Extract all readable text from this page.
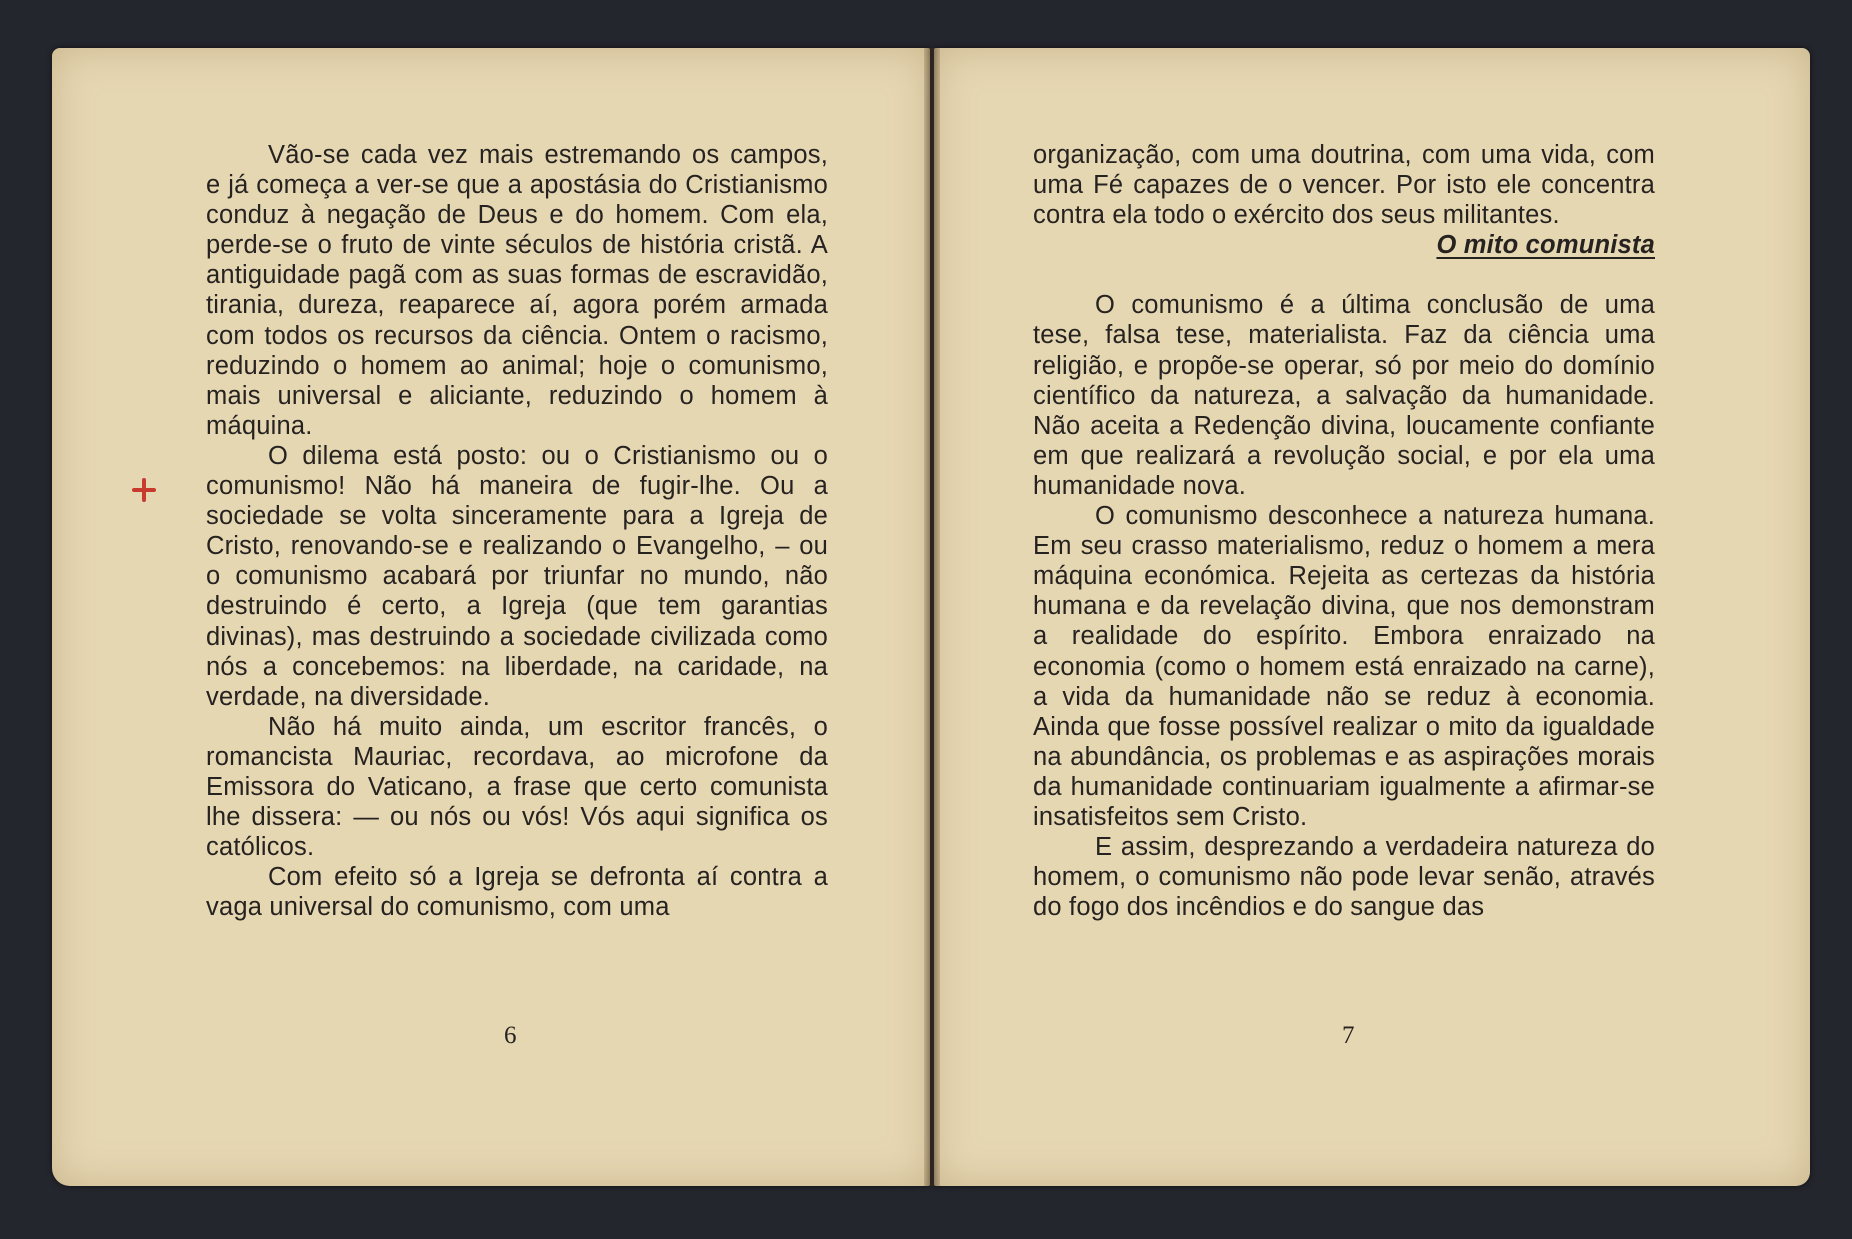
Vão-se cada vez mais estremando os campos, e já começa a ver-se que a apostásia do Cristianismo conduz à negação de Deus e do homem. Com ela, perde-se o fruto de vinte séculos de história cristã. A antiguidade pagã com as suas formas de escravidão, tirania, dureza, reaparece aí, agora porém armada com todos os recursos da ciência. Ontem o racismo, reduzindo o homem ao animal; hoje o comunismo, mais universal e aliciante, reduzindo o homem à máquina.

O dilema está posto: ou o Cristianismo ou o comunismo! Não há maneira de fugir-lhe. Ou a sociedade se volta sinceramente para a Igreja de Cristo, renovando-se e realizando o Evangelho, – ou o comunismo acabará por triunfar no mundo, não destruindo é certo, a Igreja (que tem garantias divinas), mas destruindo a sociedade civilizada como nós a concebemos: na liberdade, na caridade, na verdade, na diversidade.

Não há muito ainda, um escritor francês, o romancista Mauriac, recordava, ao microfone da Emissora do Vaticano, a frase que certo comunista lhe dissera: — ou nós ou vós! Vós aqui significa os católicos.

Com efeito só a Igreja se defronta aí contra a vaga universal do comunismo, com uma

6

organização, com uma doutrina, com uma vida, com uma Fé capazes de o vencer. Por isto ele concentra contra ela todo o exército dos seus militantes.

O mito comunista

O comunismo é a última conclusão de uma tese, falsa tese, materialista. Faz da ciência uma religião, e propõe-se operar, só por meio do domínio científico da natureza, a salvação da humanidade. Não aceita a Redenção divina, loucamente confiante em que realizará a revolução social, e por ela uma humanidade nova.

O comunismo desconhece a natureza humana. Em seu crasso materialismo, reduz o homem a mera máquina económica. Rejeita as certezas da história humana e da revelação divina, que nos demonstram a realidade do espírito. Embora enraizado na economia (como o homem está enraizado na carne), a vida da humanidade não se reduz à economia. Ainda que fosse possível realizar o mito da igualdade na abundância, os problemas e as aspirações morais da humanidade continuariam igualmente a afirmar-se insatisfeitos sem Cristo.

E assim, desprezando a verdadeira natureza do homem, o comunismo não pode levar senão, através do fogo dos incêndios e do sangue das

7
